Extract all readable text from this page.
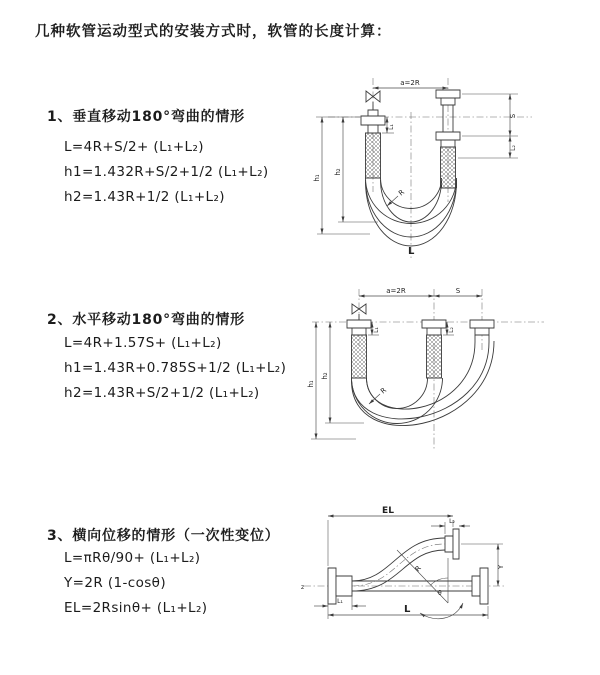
几种软管运动型式的安装方式时，软管的长度计算：
1、垂直移动180°弯曲的情形
L=4R+S/2+ (L₁+L₂)
h1=1.432R+S/2+1/2 (L₁+L₂)
h2=1.43R+1/2 (L₁+L₂)
a=2R
h₁
h₂
L₁
S
L₂
R
L
2、水平移动180°弯曲的情形
L=4R+1.57S+ (L₁+L₂)
h1=1.43R+0.785S+1/2 (L₁+L₂)
h2=1.43R+S/2+1/2 (L₁+L₂)
a=2R	S
h₁
h₂
L₁	L₂
R
3、横向位移的情形（一次性变位）
L=πRθ/90+ (L₁+L₂)
Y=2R (1-cosθ)
EL=2Rsinθ+ (L₁+L₂)
z
EL
L₂
Y
θ
R
L₁
L
